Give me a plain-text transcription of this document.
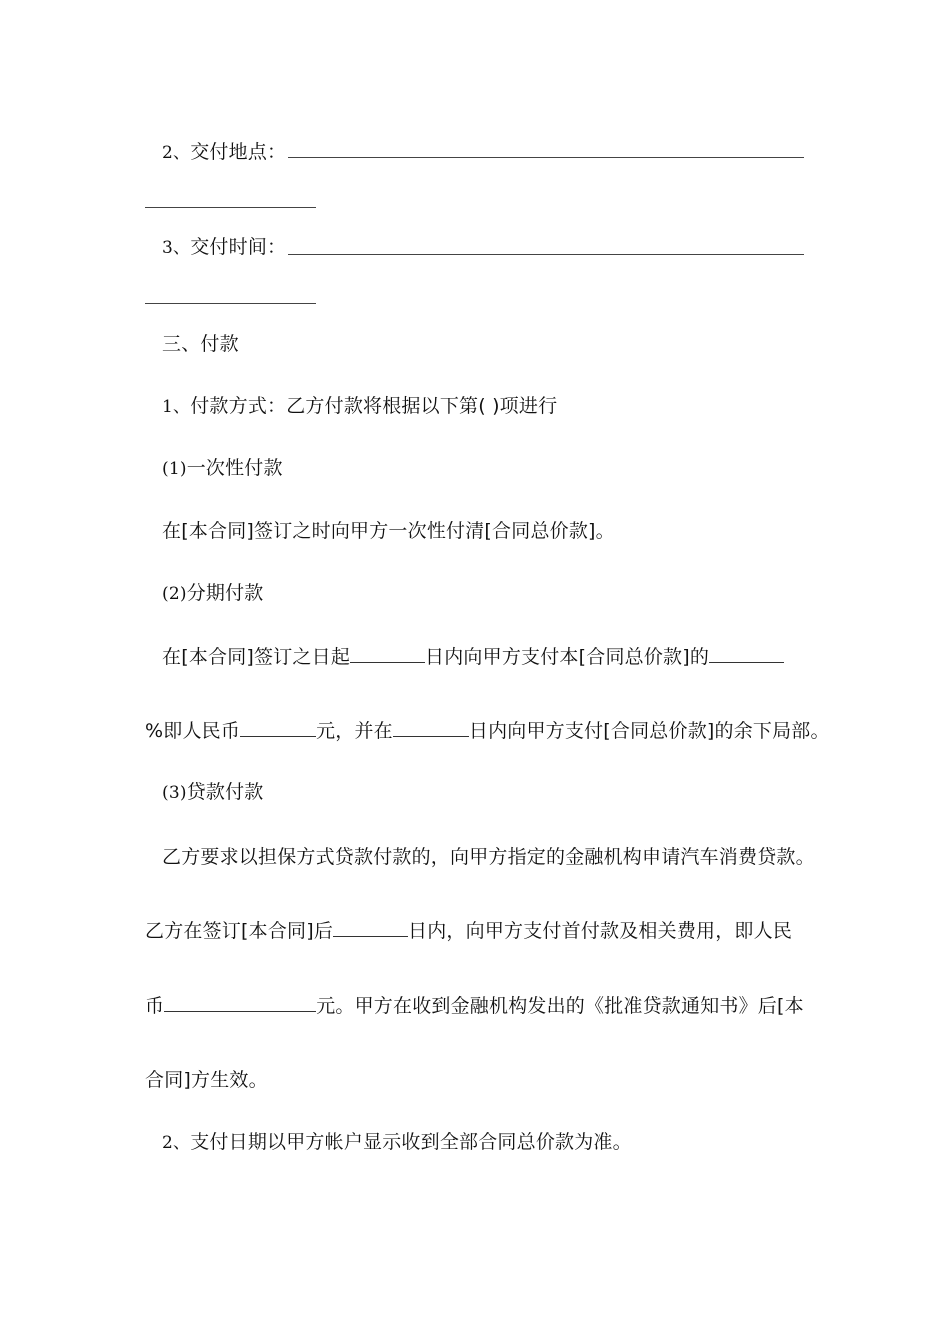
2、交付地点：
3、交付时间：
三、付款
1、付款方式：乙方付款将根据以下第( )项进行
(1)一次性付款
在[本合同]签订之时向甲方一次性付清[合同总价款]。
(2)分期付款
在[本合同]签订之日起	日内向甲方支付本[合同总价款]的
%即人民币	元，并在	日内向甲方支付[合同总价款]的余下局部。
(3)贷款付款
乙方要求以担保方式贷款付款的，向甲方指定的金融机构申请汽车消费贷款。
乙方在签订[本合同]后	日内，向甲方支付首付款及相关费用，即人民
币	元。甲方在收到金融机构发出的《批准贷款通知书》后[本
合同]方生效。
2、支付日期以甲方帐户显示收到全部合同总价款为准。
